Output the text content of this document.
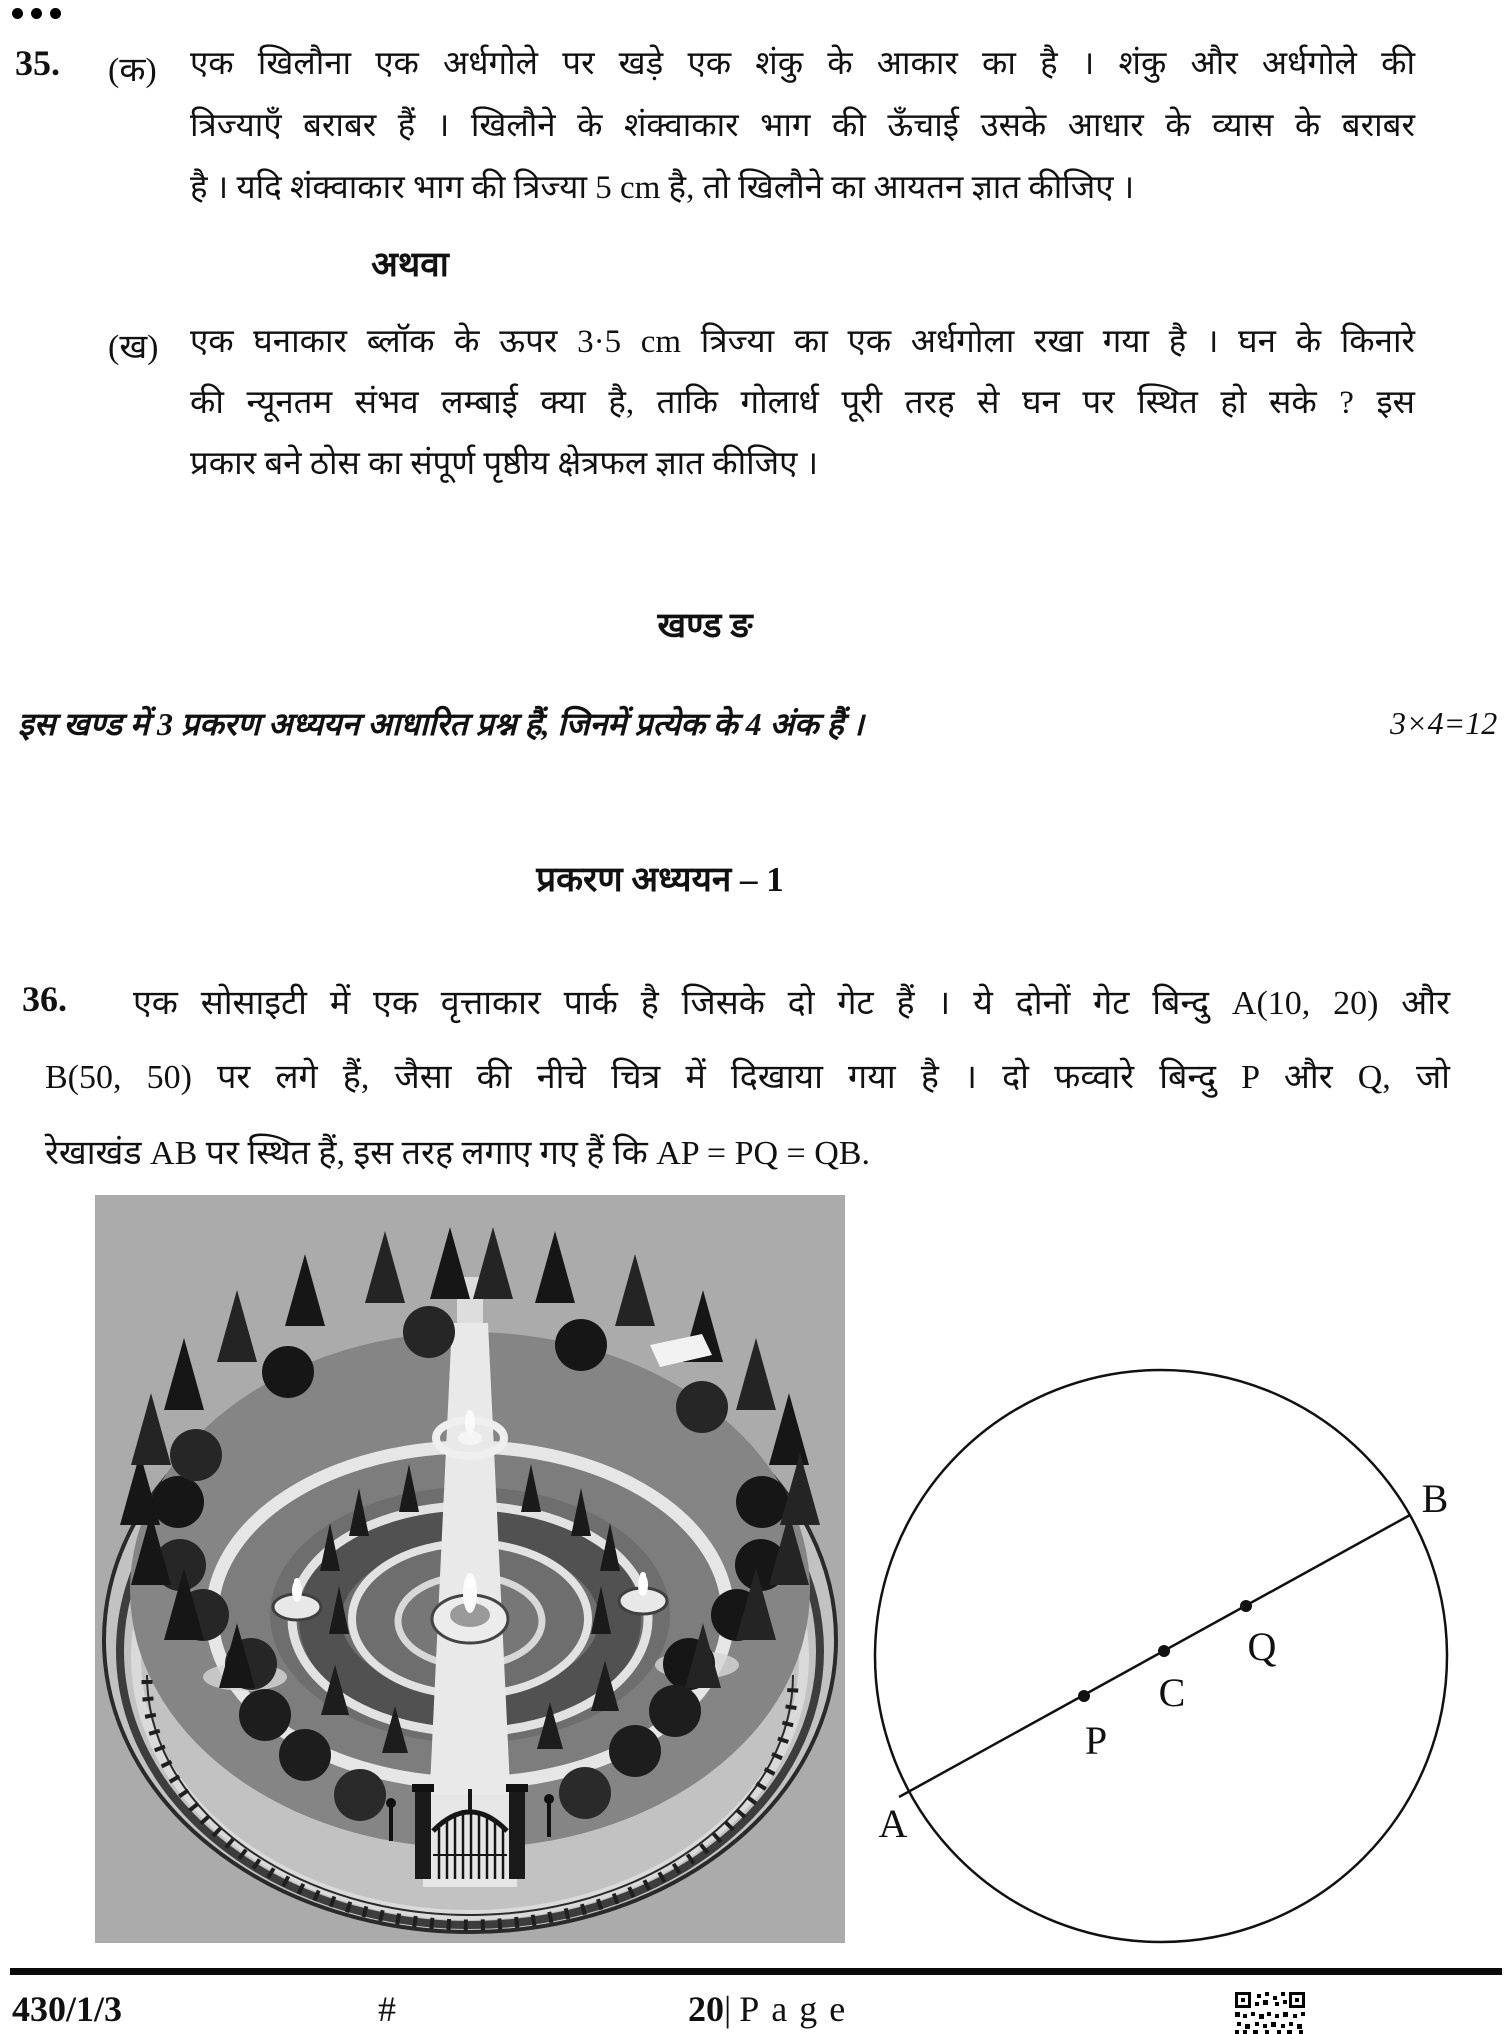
35. (क) एक खिलौना एक अर्धगोले पर खड़े एक शंकु के आकार का है । शंकु और अर्धगोले की
त्रिज्याएँ बराबर हैं । खिलौने के शंक्वाकार भाग की ऊँचाई उसके आधार के व्यास के बराबर
है । यदि शंक्वाकार भाग की त्रिज्या 5 cm है, तो खिलौने का आयतन ज्ञात कीजिए ।
अथवा
(ख) एक घनाकार ब्लॉक के ऊपर 3·5 cm त्रिज्या का एक अर्धगोला रखा गया है । घन के किनारे
की न्यूनतम संभव लम्बाई क्या है, ताकि गोलार्ध पूरी तरह से घन पर स्थित हो सके ? इस
प्रकार बने ठोस का संपूर्ण पृष्ठीय क्षेत्रफल ज्ञात कीजिए ।
खण्ड ङ
इस खण्ड में 3 प्रकरण अध्ययन आधारित प्रश्न हैं, जिनमें प्रत्येक के 4 अंक हैं ।	3×4=12
प्रकरण अध्ययन – 1
36. एक सोसाइटी में एक वृत्ताकार पार्क है जिसके दो गेट हैं । ये दोनों गेट बिन्दु A(10, 20) और
B(50, 50) पर लगे हैं, जैसा की नीचे चित्र में दिखाया गया है । दो फव्वारे बिन्दु P और Q, जो
रेखाखंड AB पर स्थित हैं, इस तरह लगाए गए हैं कि AP = PQ = QB.
A
P
C
Q
B
430/1/3	#	20| Page
